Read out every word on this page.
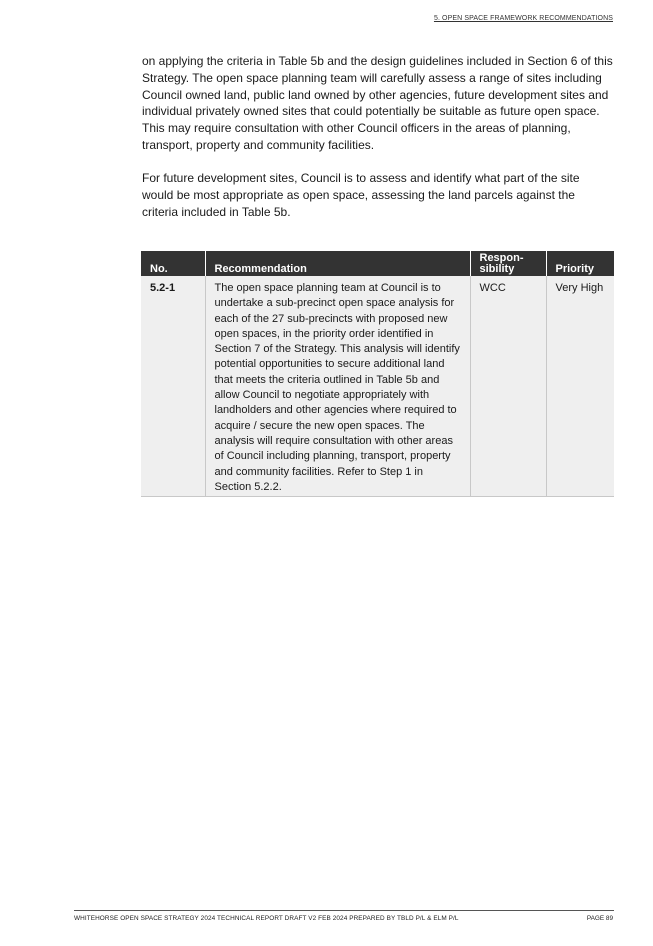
5. OPEN SPACE FRAMEWORK RECOMMENDATIONS

on applying the criteria in Table 5b and the design guidelines included in Section 6 of this Strategy. The open space planning team will carefully assess a range of sites including Council owned land, public land owned by other agencies, future development sites and individual privately owned sites that could potentially be suitable as future open space. This may require consultation with other Council officers in the areas of planning, transport, property and community facilities.

For future development sites, Council is to assess and identify what part of the site would be most appropriate as open space, assessing the land parcels against the criteria included in Table 5b.

No.	Recommendation	Respon-sibility	Priority
5.2-1	The open space planning team at Council is to undertake a sub-precinct open space analysis for each of the 27 sub-precincts with proposed new open spaces, in the priority order identified in Section 7 of the Strategy. This analysis will identify potential opportunities to secure additional land that meets the criteria outlined in Table 5b and allow Council to negotiate appropriately with landholders and other agencies where required to acquire / secure the new open spaces. The analysis will require consultation with other areas of Council including planning, transport, property and community facilities. Refer to Step 1 in Section 5.2.2.	WCC	Very High
WHITEHORSE OPEN SPACE STRATEGY 2024 TECHNICAL REPORT DRAFT V2 FEB 2024 PREPARED BY TBLD P/L & ELM P/L	PAGE 89
